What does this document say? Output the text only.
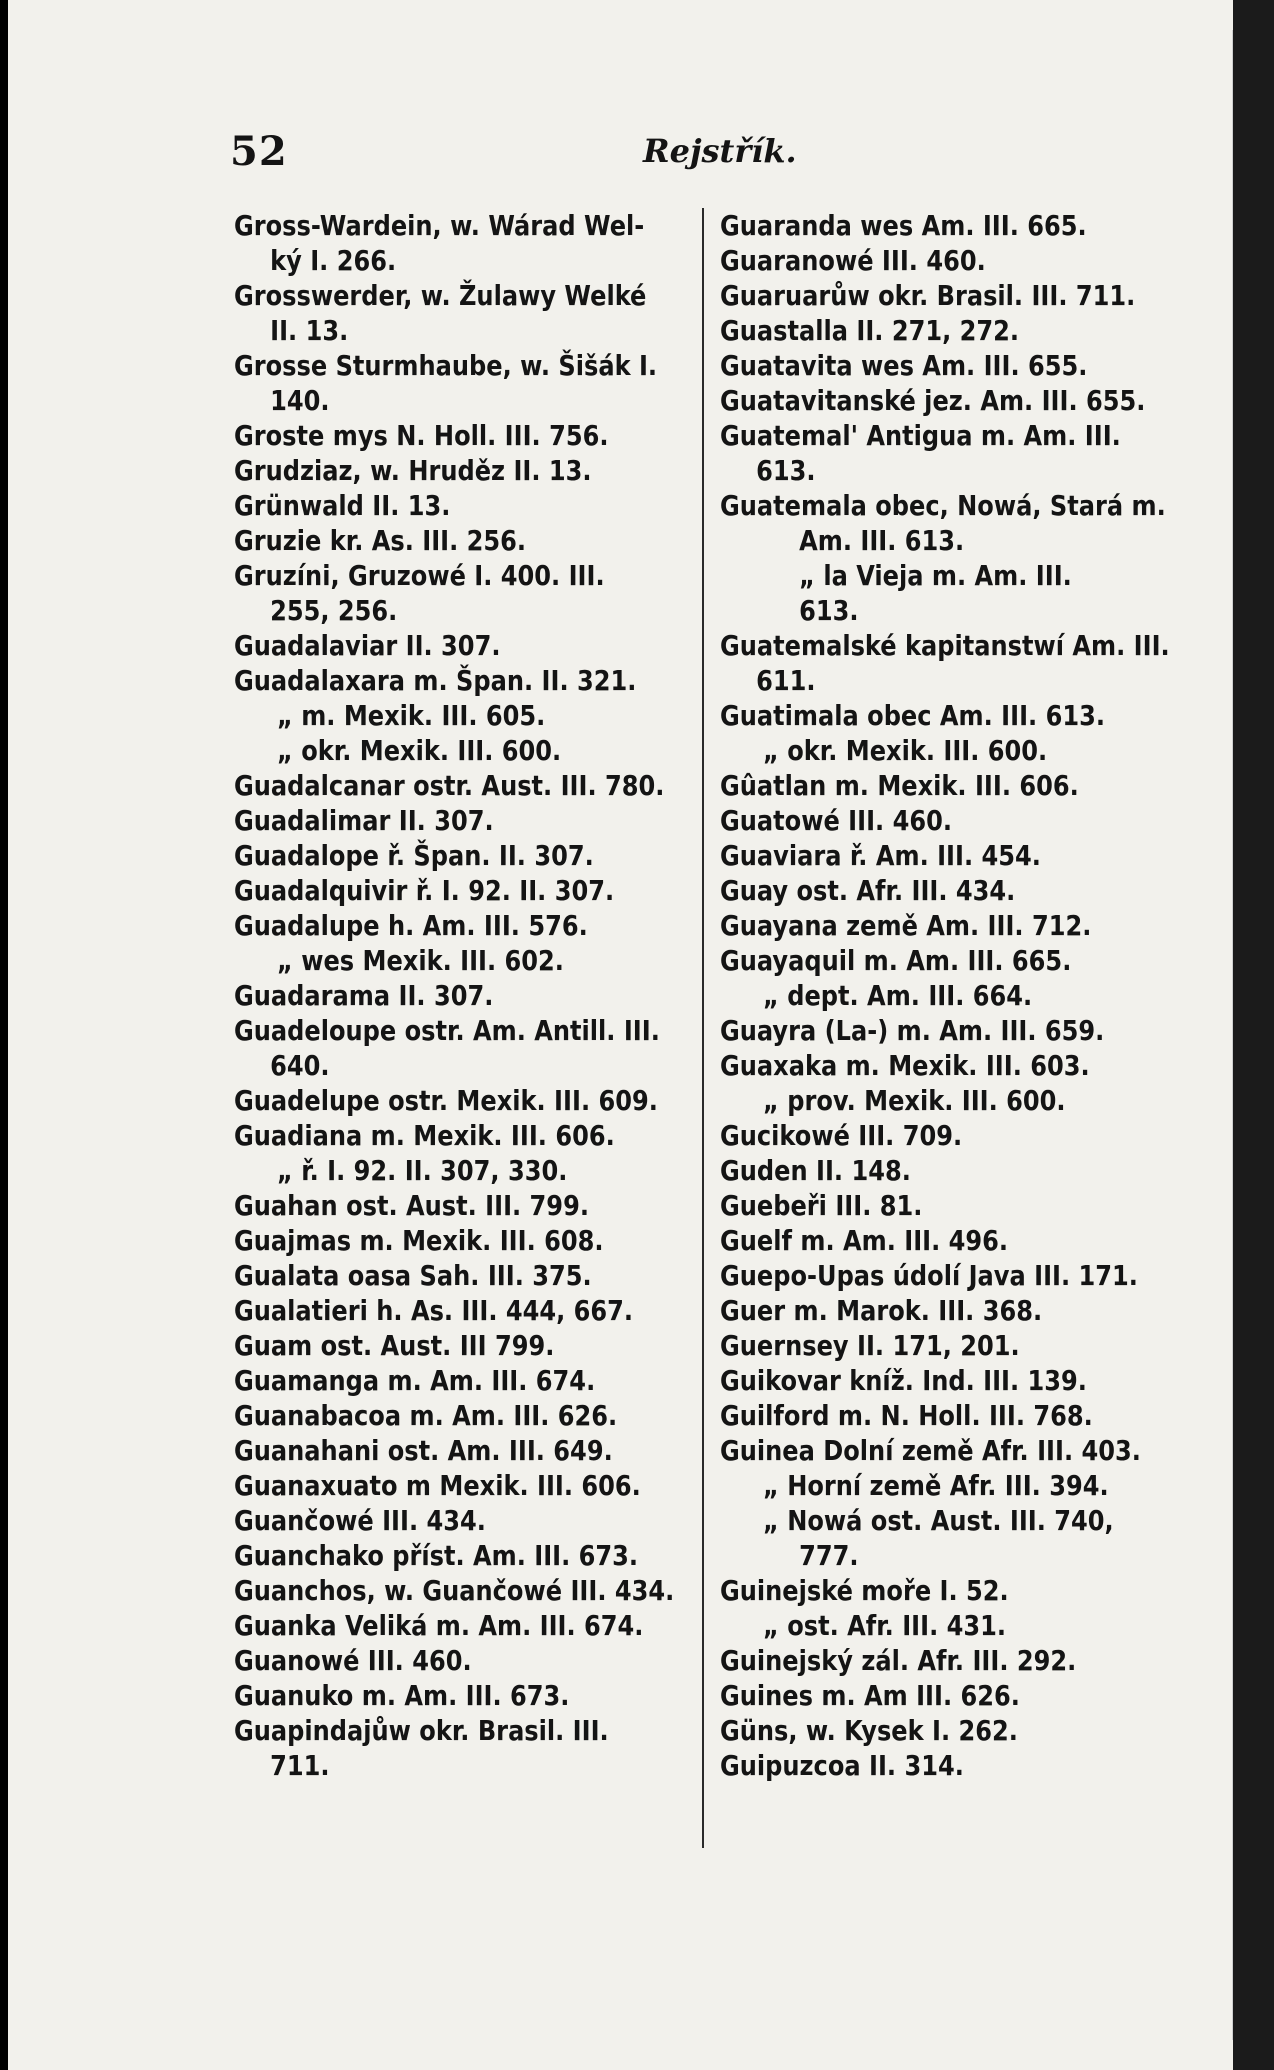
52	Rejstřík.
Gross-Wardein, w. Wárad Wel-
ký I. 266.
Grosswerder, w. Žulawy Welké
II. 13.
Grosse Sturmhaube, w. Šišák I.
140.
Groste mys N. Holl. III. 756.
Grudziaz, w. Hruděz II. 13.
Grünwald II. 13.
Gruzie kr. As. III. 256.
Gruzíni, Gruzowé I. 400. III.
255, 256.
Guadalaviar II. 307.
Guadalaxara m. Špan. II. 321.
„ m. Mexik. III. 605.
„ okr. Mexik. III. 600.
Guadalcanar ostr. Aust. III. 780.
Guadalimar II. 307.
Guadalope ř. Špan. II. 307.
Guadalquivir ř. I. 92. II. 307.
Guadalupe h. Am. III. 576.
„ wes Mexik. III. 602.
Guadarama II. 307.
Guadeloupe ostr. Am. Antill. III.
640.
Guadelupe ostr. Mexik. III. 609.
Guadiana m. Mexik. III. 606.
„ ř. I. 92. II. 307, 330.
Guahan ost. Aust. III. 799.
Guajmas m. Mexik. III. 608.
Gualata oasa Sah. III. 375.
Gualatieri h. As. III. 444, 667.
Guam ost. Aust. III 799.
Guamanga m. Am. III. 674.
Guanabacoa m. Am. III. 626.
Guanahani ost. Am. III. 649.
Guanaxuato m Mexik. III. 606.
Guančowé III. 434.
Guanchako příst. Am. III. 673.
Guanchos, w. Guančowé III. 434.
Guanka Veliká m. Am. III. 674.
Guanowé III. 460.
Guanuko m. Am. III. 673.
Guapindajůw okr. Brasil. III.
711.
Guaranda wes Am. III. 665.
Guaranowé III. 460.
Guaruarůw okr. Brasil. III. 711.
Guastalla II. 271, 272.
Guatavita wes Am. III. 655.
Guatavitanské jez. Am. III. 655.
Guatemal' Antigua m. Am. III.
613.
Guatemala obec, Nowá, Stará m.
Am. III. 613.
„ la Vieja m. Am. III.
613.
Guatemalské kapitanstwí Am. III.
611.
Guatimala obec Am. III. 613.
„ okr. Mexik. III. 600.
Gûatlan m. Mexik. III. 606.
Guatowé III. 460.
Guaviara ř. Am. III. 454.
Guay ost. Afr. III. 434.
Guayana země Am. III. 712.
Guayaquil m. Am. III. 665.
„ dept. Am. III. 664.
Guayra (La-) m. Am. III. 659.
Guaxaka m. Mexik. III. 603.
„ prov. Mexik. III. 600.
Gucikowé III. 709.
Guden II. 148.
Guebeři III. 81.
Guelf m. Am. III. 496.
Guepo-Upas údolí Java III. 171.
Guer m. Marok. III. 368.
Guernsey II. 171, 201.
Guikovar kníž. Ind. III. 139.
Guilford m. N. Holl. III. 768.
Guinea Dolní země Afr. III. 403.
„ Horní země Afr. III. 394.
„ Nowá ost. Aust. III. 740,
777.
Guinejské moře I. 52.
„ ost. Afr. III. 431.
Guinejský zál. Afr. III. 292.
Guines m. Am III. 626.
Güns, w. Kysek I. 262.
Guipuzcoa II. 314.
